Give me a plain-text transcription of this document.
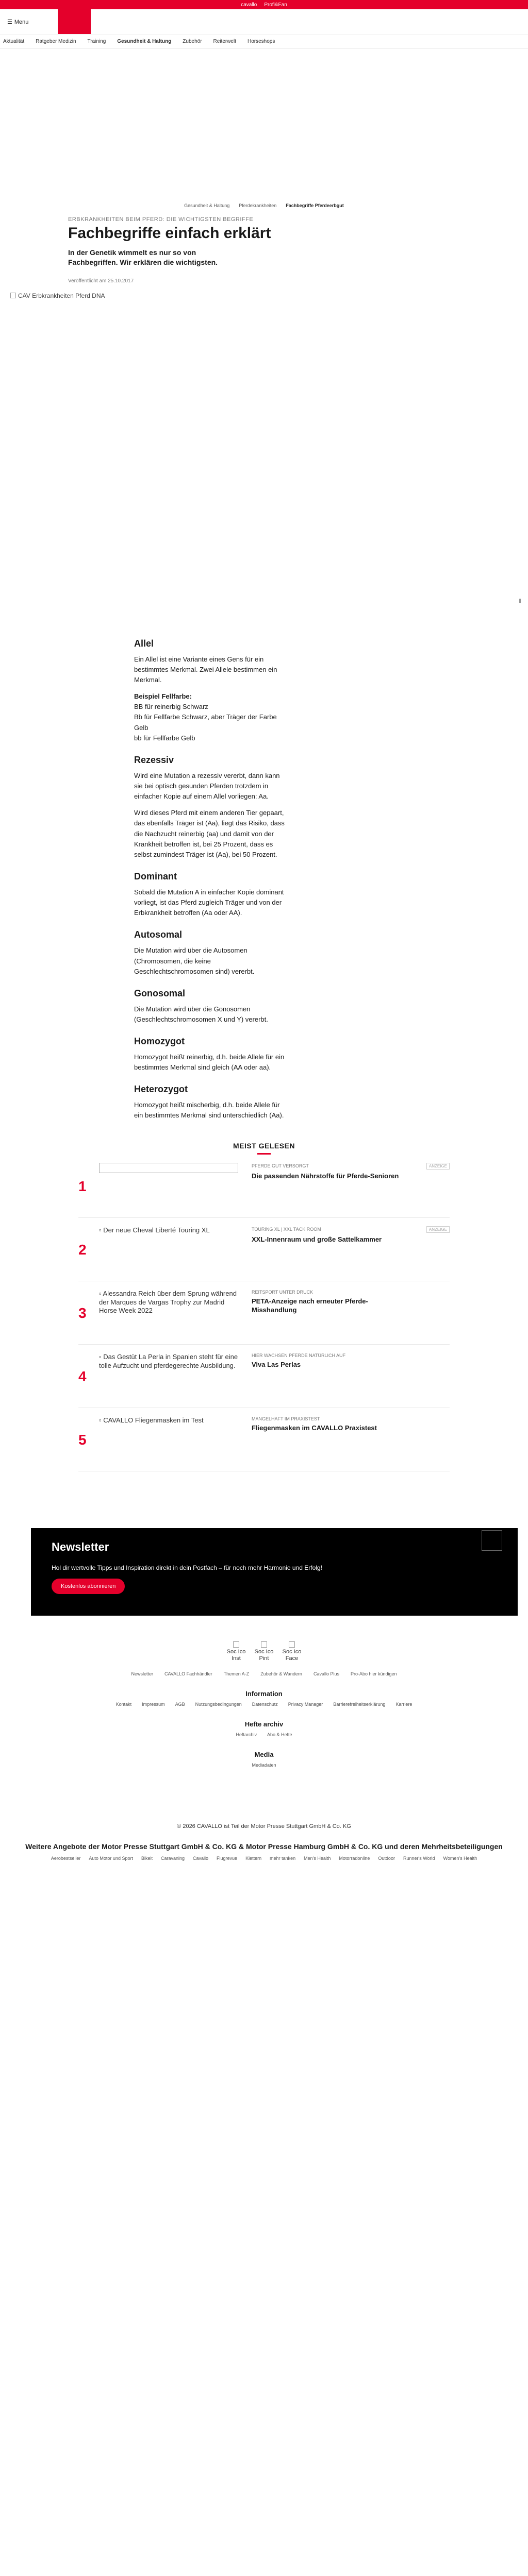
cavallo Profi&Fan
☰ Menu
Aktualität Ratgeber Medizin Training Gesundheit & Haltung Zubehör Reiterwelt Horseshops
Gesundheit & Haltung Pferdekrankheiten Fachbegriffe Pferdeerbgut
ERBKRANKHEITEN BEIM PFERD: DIE WICHTIGSTEN BEGRIFFE
Fachbegriffe einfach erklärt
In der Genetik wimmelt es nur so von Fachbegriffen. Wir erklären die wichtigsten.
Veröffentlicht am 25.10.2017
CAV Erbkrankheiten Pferd DNA
Allel

Ein Allel ist eine Variante eines Gens für ein bestimmtes Merkmal. Zwei Allele bestimmen ein Merkmal.

Beispiel Fellfarbe:

BB für reinerbig Schwarz

Bb für Fellfarbe Schwarz, aber Träger der Farbe Gelb

bb für Fellfarbe Gelb

Rezessiv

Wird eine Mutation a rezessiv vererbt, dann kann sie bei optisch gesunden Pferden trotzdem in einfacher Kopie auf einem Allel vorliegen: Aa.

Wird dieses Pferd mit einem anderen Tier gepaart, das ebenfalls Träger ist (Aa), liegt das Risiko, dass die Nachzucht reinerbig (aa) und damit von der Krankheit betroffen ist, bei 25 Prozent, dass es selbst zumindest Träger ist (Aa), bei 50 Prozent.

Dominant

Sobald die Mutation A in einfacher Kopie dominant vorliegt, ist das Pferd zugleich Träger und von der Erbkrankheit betroffen (Aa oder AA).

Autosomal

Die Mutation wird über die Autosomen (Chromosomen, die keine Geschlechtschromosomen sind) vererbt.

Gonosomal

Die Mutation wird über die Gonosomen (Geschlechtschromosomen X und Y) vererbt.

Homozygot

Homozygot heißt reinerbig, d.h. beide Allele für ein bestimmtes Merkmal sind gleich (AA oder aa).

Heterozygot

Homozygot heißt mischerbig, d.h. beide Allele für ein bestimmtes Merkmal sind unterschiedlich (Aa).

MEIST GELESEN
1
PFERDE GUT VERSORGT	ANZEIGE
Die passenden Nährstoffe für Pferde-Senioren
2
▫ Der neue Cheval Liberté Touring XL	TOURING XL | XXL TACK ROOM	ANZEIGE
XXL-Innenraum und große Sattelkammer
3
▫ Alessandra Reich über dem Sprung während der Marques de Vargas Trophy zur Madrid Horse Week 2022
REITSPORT UNTER DRUCK
PETA-Anzeige nach erneuter Pferde-Misshandlung
4
▫ Das Gestüt La Perla in Spanien steht für eine tolle Aufzucht und pferdegerechte Ausbildung.
HIER WACHSEN PFERDE NATÜRLICH AUF
Viva Las Perlas
5
▫ CAVALLO Fliegenmasken im Test	MANGELHAFT IM PRAXISTEST
Fliegenmasken im CAVALLO Praxistest
Newsletter

Hol dir wertvolle Tipps und Inspiration direkt in dein Postfach – für noch mehr Harmonie und Erfolg!

Kostenlos abonnieren
Soc Ico Inst
Soc Ico Pint
Soc Ico Face
Newsletter CAVALLO Fachhändler Themen A-Z Zubehör & Wandern Cavallo Plus Pro-Abo hier kündigen
Information
Kontakt Impressum AGB Nutzungsbedingungen Datenschutz Privacy Manager Barrierefreiheitserklärung Karriere
Hefte archiv
Heftarchiv Abo & Hefte
Media
Mediadaten
© 2026 CAVALLO ist Teil der Motor Presse Stuttgart GmbH & Co. KG
Weitere Angebote der Motor Presse Stuttgart GmbH & Co. KG & Motor Presse Hamburg GmbH & Co. KG und deren Mehrheitsbeteiligungen
Aerobestseller Auto Motor und Sport Bikeit Caravaning Cavallo Flugrevue Klettern mehr tanken Men's Health Motorradonline Outdoor Runner's World Women's Health
